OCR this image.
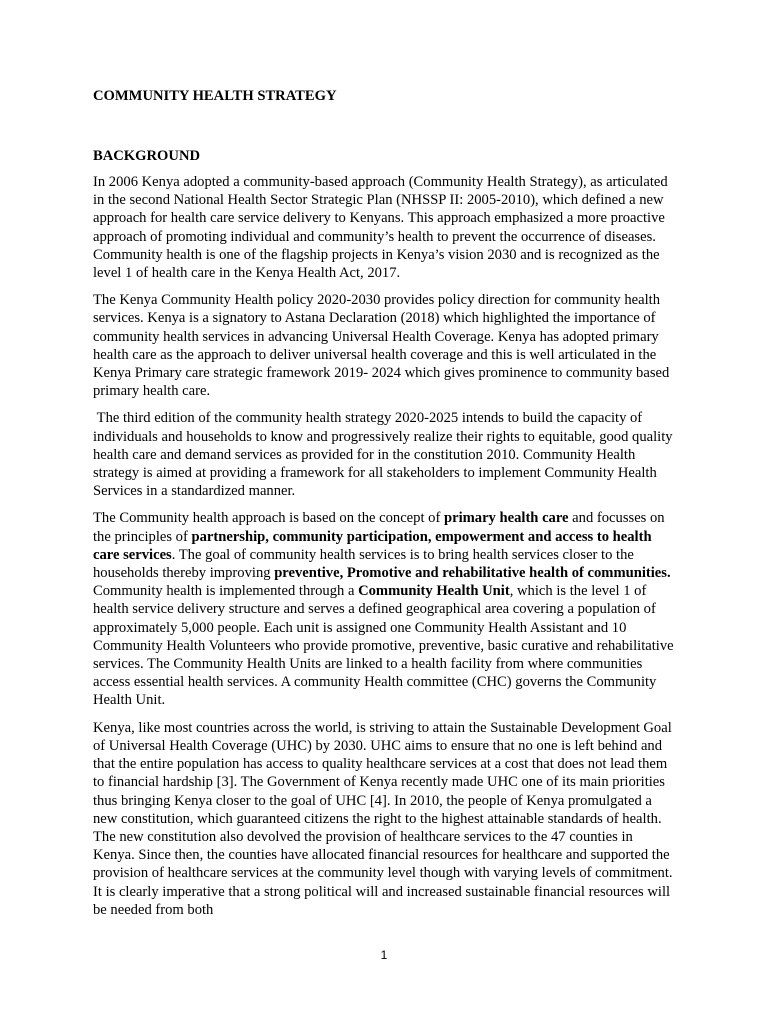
COMMUNITY HEALTH STRATEGY
BACKGROUND

In 2006 Kenya adopted a community-based approach (Community Health Strategy), as articulated in the second National Health Sector Strategic Plan (NHSSP II: 2005-2010), which defined a new approach for health care service delivery to Kenyans. This approach emphasized a more proactive approach of promoting individual and community’s health to prevent the occurrence of diseases. Community health is one of the flagship projects in Kenya’s vision 2030 and is recognized as the level 1 of health care in the Kenya Health Act, 2017.

The Kenya Community Health policy 2020-2030 provides policy direction for community health services. Kenya is a signatory to Astana Declaration (2018) which highlighted the importance of community health services in advancing Universal Health Coverage. Kenya has adopted primary health care as the approach to deliver universal health coverage and this is well articulated in the Kenya Primary care strategic framework 2019- 2024 which gives prominence to community based primary health care.

The third edition of the community health strategy 2020-2025 intends to build the capacity of individuals and households to know and progressively realize their rights to equitable, good quality health care and demand services as provided for in the constitution 2010. Community Health strategy is aimed at providing a framework for all stakeholders to implement Community Health Services in a standardized manner.

The Community health approach is based on the concept of primary health care and focusses on the principles of partnership, community participation, empowerment and access to health care services. The goal of community health services is to bring health services closer to the households thereby improving preventive, Promotive and rehabilitative health of communities. Community health is implemented through a Community Health Unit, which is the level 1 of health service delivery structure and serves a defined geographical area covering a population of approximately 5,000 people. Each unit is assigned one Community Health Assistant and 10 Community Health Volunteers who provide promotive, preventive, basic curative and rehabilitative services. The Community Health Units are linked to a health facility from where communities access essential health services. A community Health committee (CHC) governs the Community Health Unit.

Kenya, like most countries across the world, is striving to attain the Sustainable Development Goal of Universal Health Coverage (UHC) by 2030. UHC aims to ensure that no one is left behind and that the entire population has access to quality healthcare services at a cost that does not lead them to financial hardship [3]. The Government of Kenya recently made UHC one of its main priorities thus bringing Kenya closer to the goal of UHC [4]. In 2010, the people of Kenya promulgated a new constitution, which guaranteed citizens the right to the highest attainable standards of health. The new constitution also devolved the provision of healthcare services to the 47 counties in Kenya. Since then, the counties have allocated financial resources for healthcare and supported the provision of healthcare services at the community level though with varying levels of commitment. It is clearly imperative that a strong political will and increased sustainable financial resources will be needed from both

1
